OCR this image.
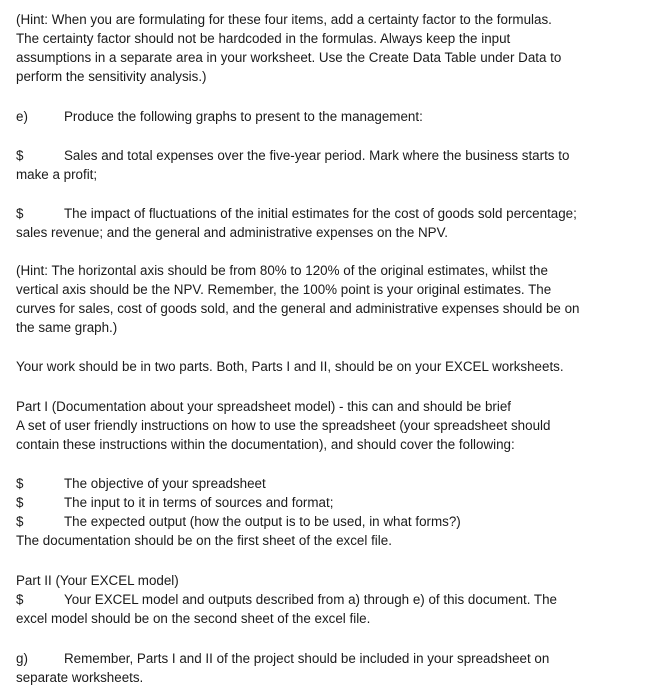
(Hint: When you are formulating for these four items, add a certainty factor to the formulas.
The certainty factor should not be hardcoded in the formulas. Always keep the input
assumptions in a separate area in your worksheet. Use the Create Data Table under Data to
perform the sensitivity analysis.)
e)	Produce the following graphs to present to the management:
$	Sales and total expenses over the five-year period. Mark where the business starts to
make a profit;
$	The impact of fluctuations of the initial estimates for the cost of goods sold percentage;
sales revenue; and the general and administrative expenses on the NPV.
(Hint: The horizontal axis should be from 80% to 120% of the original estimates, whilst the
vertical axis should be the NPV. Remember, the 100% point is your original estimates. The
curves for sales, cost of goods sold, and the general and administrative expenses should be on
the same graph.)
Your work should be in two parts. Both, Parts I and II, should be on your EXCEL worksheets.
Part I (Documentation about your spreadsheet model) - this can and should be brief
A set of user friendly instructions on how to use the spreadsheet (your spreadsheet should
contain these instructions within the documentation), and should cover the following:
$	The objective of your spreadsheet
$	The input to it in terms of sources and format;
$	The expected output (how the output is to be used, in what forms?)
The documentation should be on the first sheet of the excel file.
Part II (Your EXCEL model)
$	Your EXCEL model and outputs described from a) through e) of this document. The
excel model should be on the second sheet of the excel file.
g)	Remember, Parts I and II of the project should be included in your spreadsheet on
separate worksheets.
